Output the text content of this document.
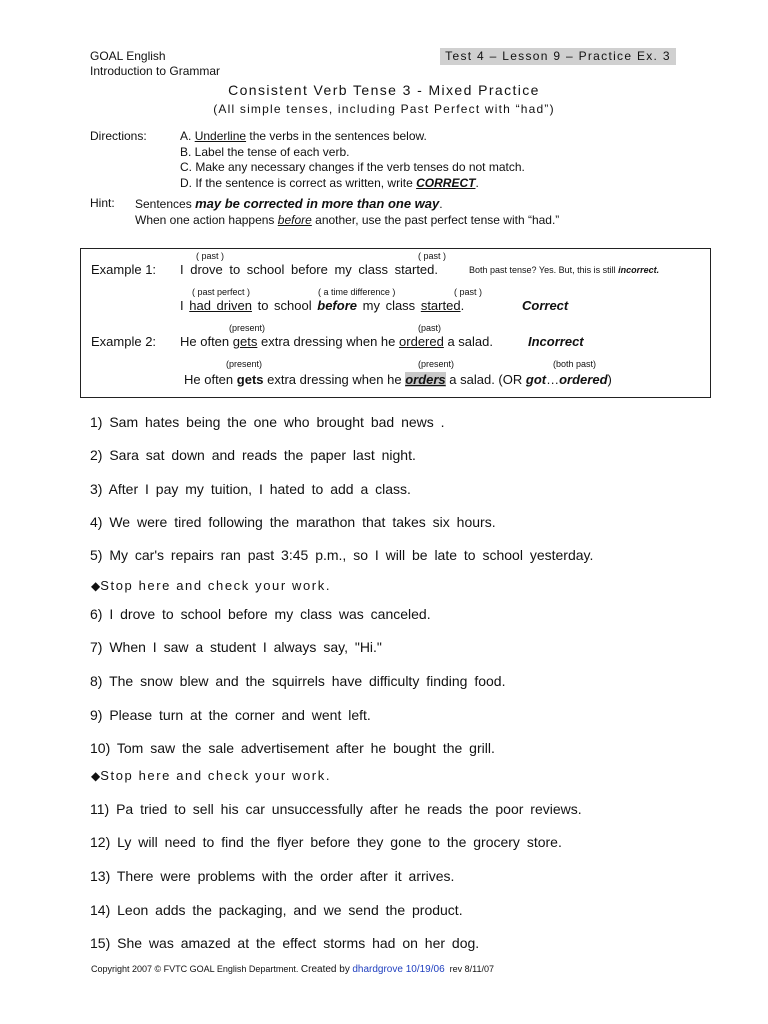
GOAL English
Introduction to Grammar
Test 4 – Lesson 9 – Practice Ex. 3
Consistent Verb Tense 3 - Mixed Practice
(All simple tenses, including Past Perfect with “had”)
Directions:	A. Underline the verbs in the sentences below.
B. Label the tense of each verb.
C. Make any necessary changes if the verb tenses do not match.
D. If the sentence is correct as written, write CORRECT.
Hint: Sentences may be corrected in more than one way.
When one action happens before another, use the past perfect tense with “had.”
( past )	( past )
Example 1: I drove to school before my class started.	Both past tense? Yes. But, this is still incorrect.
( past perfect )	( a time difference )	( past )
I had driven to school before my class started.	Correct
(present)	(past)
Example 2: He often gets extra dressing when he ordered a salad.	Incorrect
(present)	(present)	(both past)
He often gets extra dressing when he orders a salad. (OR got…ordered)
1) Sam hates being the one who brought bad news .
2) Sara sat down and reads the paper last night.
3) After I pay my tuition, I hated to add a class.
4) We were tired following the marathon that takes six hours.
5) My car's repairs ran past 3:45 p.m., so I will be late to school yesterday.
◆Stop here and check your work.
6) I drove to school before my class was canceled.
7) When I saw a student I always say, "Hi."
8) The snow blew and the squirrels have difficulty finding food.
9) Please turn at the corner and went left.
10) Tom saw the sale advertisement after he bought the grill.
◆Stop here and check your work.
11) Pa tried to sell his car unsuccessfully after he reads the poor reviews.
12) Ly will need to find the flyer before they gone to the grocery store.
13) There were problems with the order after it arrives.
14) Leon adds the packaging, and we send the product.
15) She was amazed at the effect storms had on her dog.
Copyright 2007 © FVTC GOAL English Department. Created by dhardgrove 10/19/06 rev 8/11/07
